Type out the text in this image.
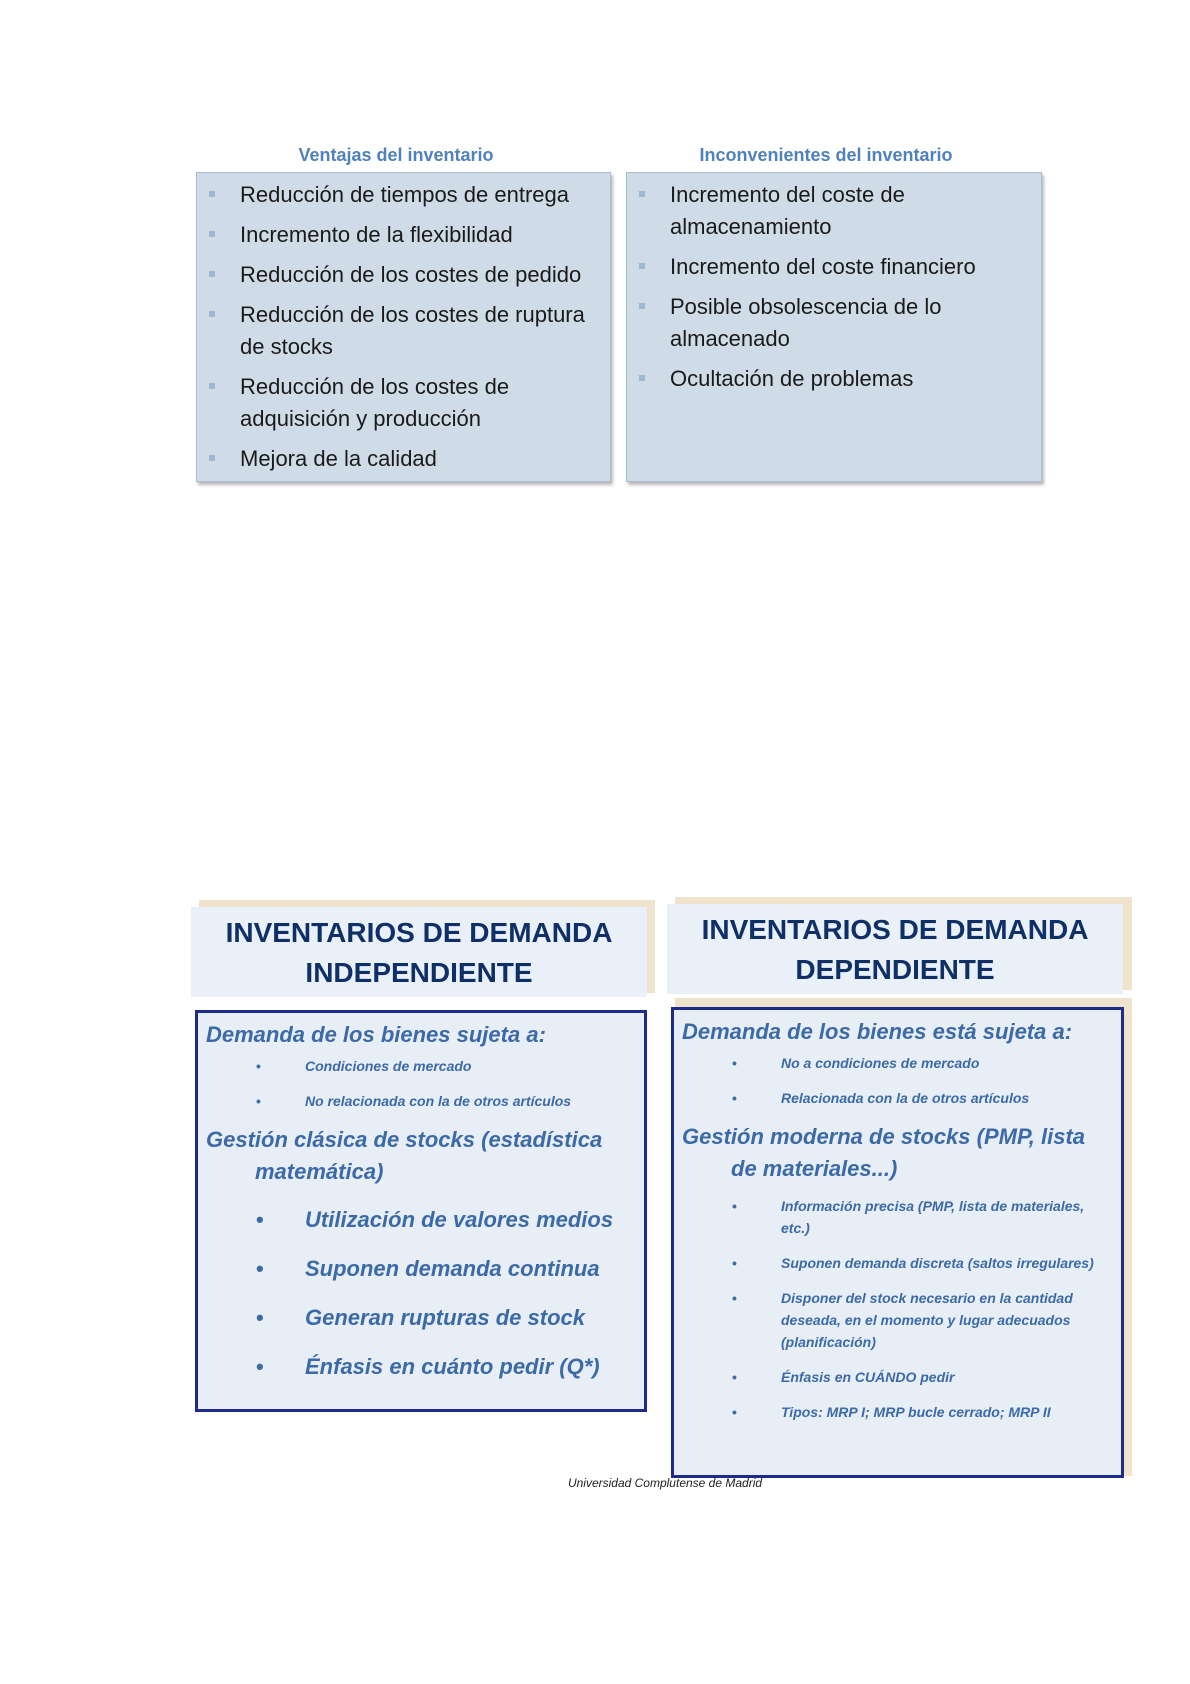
Ventajas del inventario
Reducción de tiempos de entrega
Incremento de la flexibilidad
Reducción de los costes de pedido
Reducción de los costes de ruptura de stocks
Reducción de los costes de adquisición y producción
Mejora de la calidad
Inconvenientes del inventario
Incremento del coste de almacenamiento
Incremento del coste financiero
Posible obsolescencia de lo almacenado
Ocultación de problemas
INVENTARIOS DE DEMANDA
INDEPENDIENTE
Demanda de los bienes sujeta a:
•	Condiciones de mercado
•	No relacionada con la de otros artículos
Gestión clásica de stocks (estadística matemática)
• Utilización de valores medios
• Suponen demanda continua
• Generan rupturas de stock
• Énfasis en cuánto pedir (Q*)
INVENTARIOS DE DEMANDA
DEPENDIENTE
Demanda de los bienes está sujeta a:
•	No a condiciones de mercado
•	Relacionada con la de otros artículos
Gestión moderna de stocks (PMP, lista de materiales...)
•	Información precisa (PMP, lista de materiales, etc.)
•	Suponen demanda discreta (saltos irregulares)
•	Disponer del stock necesario en la cantidad deseada, en el momento y lugar adecuados (planificación)
•	Énfasis en CUÁNDO pedir
•	Tipos: MRP I; MRP bucle cerrado; MRP II
Universidad Complutense de Madrid
